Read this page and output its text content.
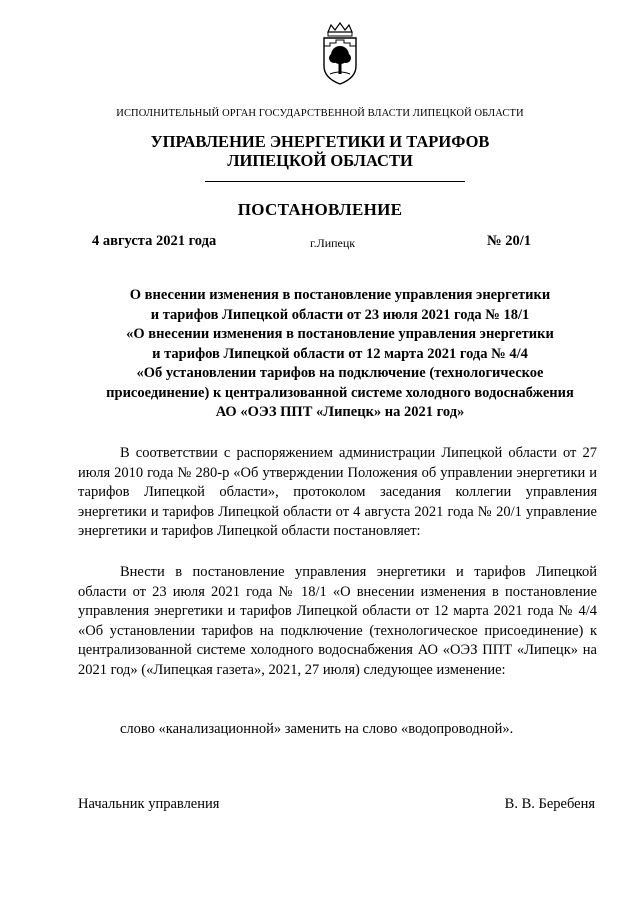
ИСПОЛНИТЕЛЬНЫЙ ОРГАН ГОСУДАРСТВЕННОЙ ВЛАСТИ ЛИПЕЦКОЙ ОБЛАСТИ
УПРАВЛЕНИЕ ЭНЕРГЕТИКИ И ТАРИФОВ
ЛИПЕЦКОЙ ОБЛАСТИ
ПОСТАНОВЛЕНИЕ
4 августа 2021 года	г.Липецк	№ 20/1
О внесении изменения в постановление управления энергетики
и тарифов Липецкой области от 23 июля 2021 года № 18/1
«О внесении изменения в постановление управления энергетики
и тарифов Липецкой области от 12 марта 2021 года № 4/4
«Об установлении тарифов на подключение (технологическое
присоединение) к централизованной системе холодного водоснабжения
АО «ОЭЗ ППТ «Липецк» на 2021 год»
В соответствии с распоряжением администрации Липецкой области от 27 июля 2010 года № 280-р «Об утверждении Положения об управлении энергетики и тарифов Липецкой области», протоколом заседания коллегии управления энергетики и тарифов Липецкой области от 4 августа 2021 года № 20/1 управление энергетики и тарифов Липецкой области постановляет:
Внести в постановление управления энергетики и тарифов Липецкой области от 23 июля 2021 года № 18/1 «О внесении изменения в постановление управления энергетики и тарифов Липецкой области от 12 марта 2021 года № 4/4 «Об установлении тарифов на подключение (технологическое присоединение) к централизованной системе холодного водоснабжения АО «ОЭЗ ППТ «Липецк» на 2021 год» («Липецкая газета», 2021, 27 июля) следующее изменение:
слово «канализационной» заменить на слово «водопроводной».
Начальник управления	В. В. Беребеня
